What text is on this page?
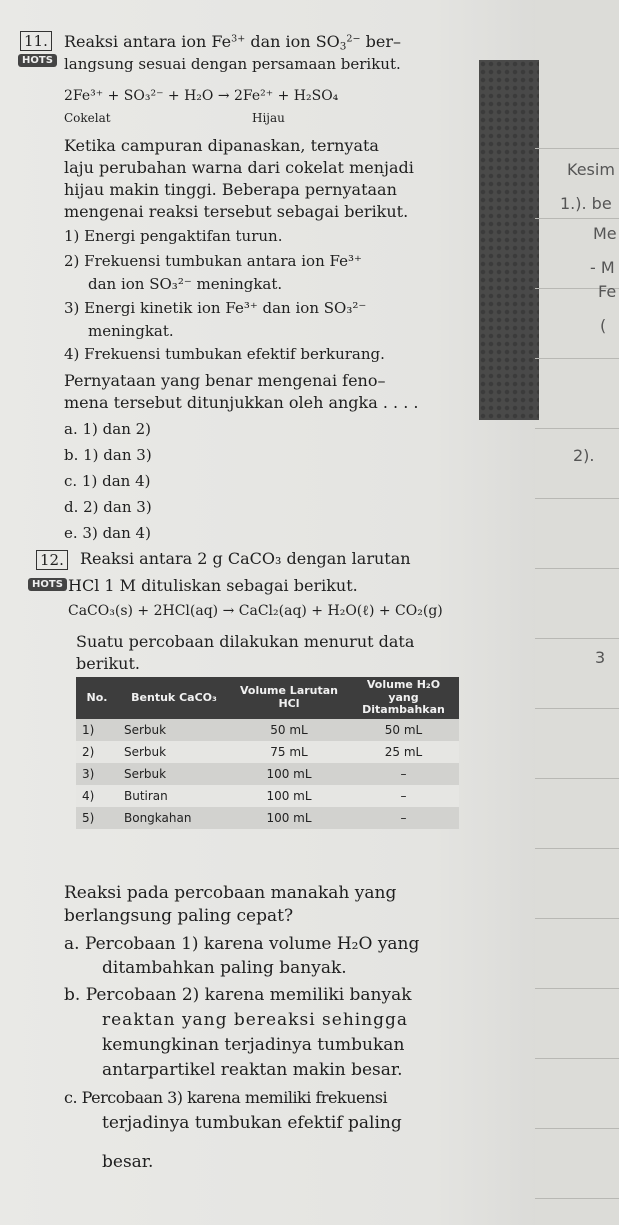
Kesim
1.). be
Me
- M
Fe
(
2).
3
11.
HOTS
Reaksi antara ion $Fe^{3+}$ dan ion $SO_3^{2-}$ ber–
langsung sesuai dengan persamaan berikut.
2Fe³⁺ + SO₃²⁻ + H₂O → 2Fe²⁺ + H₂SO₄
Cokelat	Hijau
Ketika campuran dipanaskan, ternyata
laju perubahan warna dari cokelat menjadi
hijau makin tinggi. Beberapa pernyataan
mengenai reaksi tersebut sebagai berikut.
1) Energi pengaktifan turun.
2) Frekuensi tumbukan antara ion Fe³⁺
dan ion SO₃²⁻ meningkat.
3) Energi kinetik ion Fe³⁺ dan ion SO₃²⁻
meningkat.
4) Frekuensi tumbukan efektif berkurang.
Pernyataan yang benar mengenai feno–
mena tersebut ditunjukkan oleh angka . . . .
a. 1) dan 2)
b. 1) dan 3)
c. 1) dan 4)
d. 2) dan 3)
e. 3) dan 4)
12.
HOTS
Reaksi antara 2 g CaCO₃ dengan larutan
HCl 1 M dituliskan sebagai berikut.
CaCO₃(s) + 2HCl(aq) → CaCl₂(aq) + H₂O(ℓ) + CO₂(g)
Suatu percobaan dilakukan menurut data
berikut.
No.	Bentuk CaCO₃	Volume Larutan HCl	Volume H₂O yang Ditambahkan
1)	Serbuk	50 mL	50 mL
2)	Serbuk	75 mL	25 mL
3)	Serbuk	100 mL	–
4)	Butiran	100 mL	–
5)	Bongkahan	100 mL	–
Reaksi pada percobaan manakah yang
berlangsung paling cepat?
a. Percobaan 1) karena volume H₂O yang
ditambahkan paling banyak.
b. Percobaan 2) karena memiliki banyak
reaktan yang bereaksi sehingga
kemungkinan terjadinya tumbukan
antarpartikel reaktan makin besar.
c. Percobaan 3) karena memiliki frekuensi
terjadinya tumbukan efektif paling
besar.
